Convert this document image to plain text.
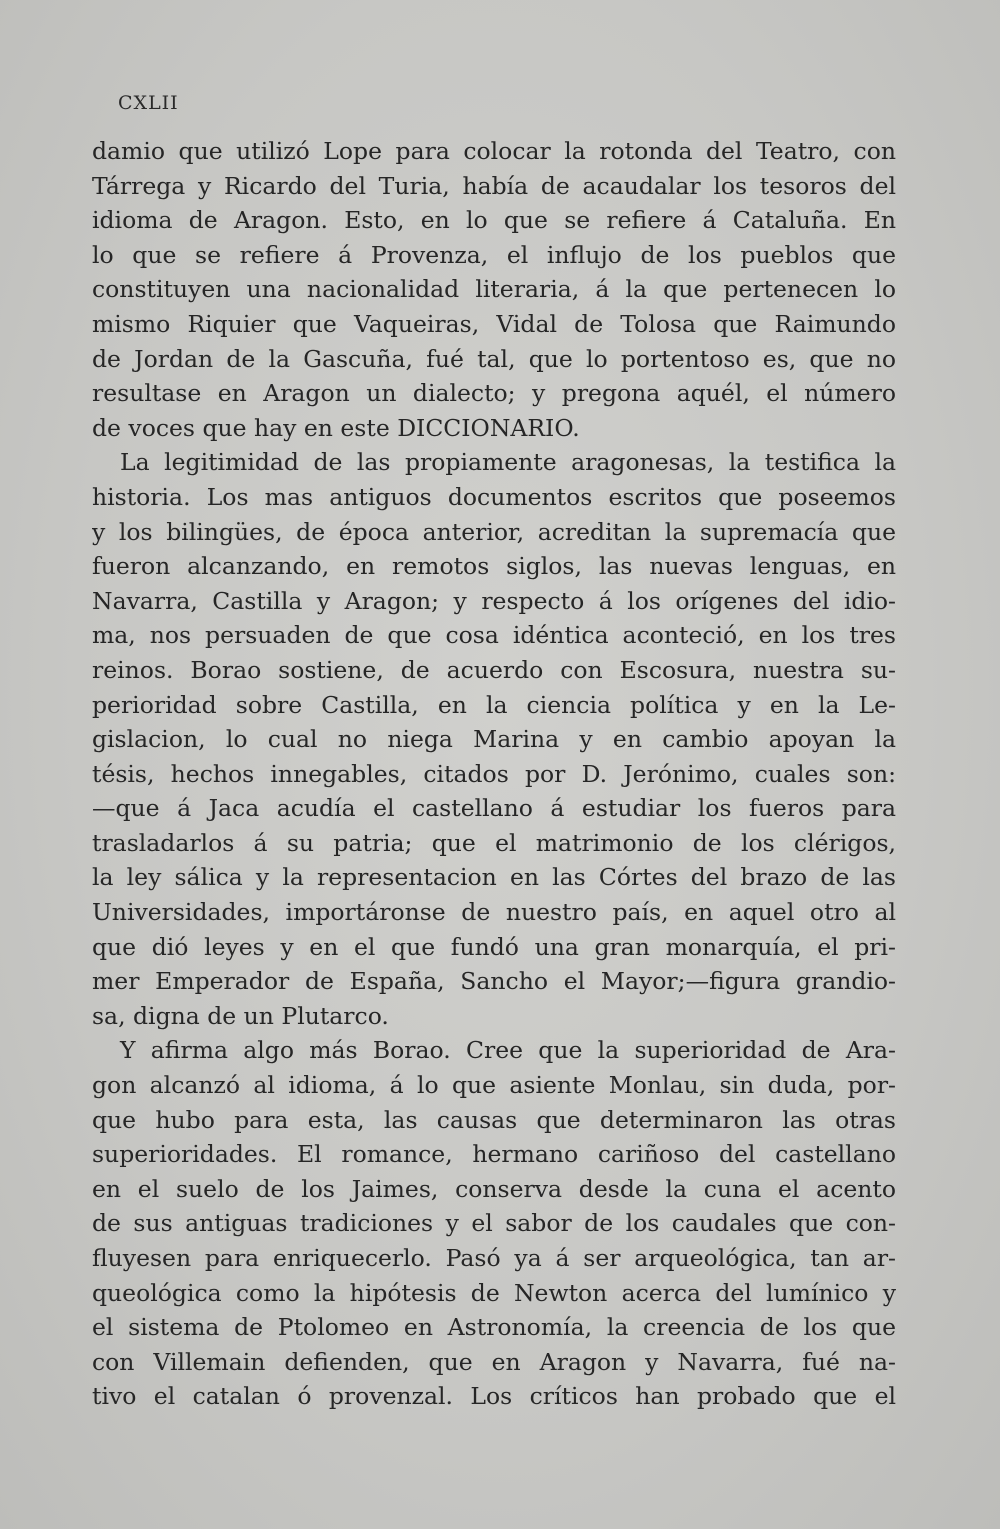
CXLII

damio que utilizó Lope para colocar la rotonda del Teatro, con
Tárrega y Ricardo del Turia, había de acaudalar los tesoros del
idioma de Aragon. Esto, en lo que se refiere á Cataluña. En
lo que se refiere á Provenza, el influjo de los pueblos que
constituyen una nacionalidad literaria, á la que pertenecen lo
mismo Riquier que Vaqueiras, Vidal de Tolosa que Raimundo
de Jordan de la Gascuña, fué tal, que lo portentoso es, que no
resultase en Aragon un dialecto; y pregona aquél, el número
de voces que hay en este DICCIONARIO.
La legitimidad de las propiamente aragonesas, la testifica la
historia. Los mas antiguos documentos escritos que poseemos
y los bilingües, de época anterior, acreditan la supremacía que
fueron alcanzando, en remotos siglos, las nuevas lenguas, en
Navarra, Castilla y Aragon; y respecto á los orígenes del idio-
ma, nos persuaden de que cosa idéntica aconteció, en los tres
reinos. Borao sostiene, de acuerdo con Escosura, nuestra su-
perioridad sobre Castilla, en la ciencia política y en la Le-
gislacion, lo cual no niega Marina y en cambio apoyan la
tésis, hechos innegables, citados por D. Jerónimo, cuales son:
—que á Jaca acudía el castellano á estudiar los fueros para
trasladarlos á su patria; que el matrimonio de los clérigos,
la ley sálica y la representacion en las Córtes del brazo de las
Universidades, importáronse de nuestro país, en aquel otro al
que dió leyes y en el que fundó una gran monarquía, el pri-
mer Emperador de España, Sancho el Mayor;—figura grandio-
sa, digna de un Plutarco.
Y afirma algo más Borao. Cree que la superioridad de Ara-
gon alcanzó al idioma, á lo que asiente Monlau, sin duda, por-
que hubo para esta, las causas que determinaron las otras
superioridades. El romance, hermano cariñoso del castellano
en el suelo de los Jaimes, conserva desde la cuna el acento
de sus antiguas tradiciones y el sabor de los caudales que con-
fluyesen para enriquecerlo. Pasó ya á ser arqueológica, tan ar-
queológica como la hipótesis de Newton acerca del lumínico y
el sistema de Ptolomeo en Astronomía, la creencia de los que
con Villemain defienden, que en Aragon y Navarra, fué na-
tivo el catalan ó provenzal. Los críticos han probado que el
